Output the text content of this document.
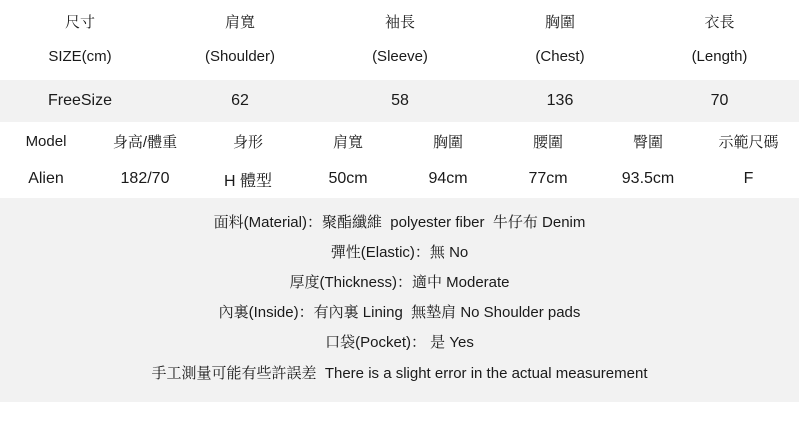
尺寸	肩寬	袖長	胸圍	衣長
SIZE(cm)	(Shoulder)	(Sleeve)	(Chest)	(Length)
FreeSize	62	58	136	70
Model	身高/體重	身形	肩寬	胸圍	腰圍	臀圍	示範尺碼
Alien	182/70	H 體型	50cm	94cm	77cm	93.5cm	F
面料(Material)：聚酯纖維  polyester fiber  牛仔布 Denim
彈性(Elastic)：無 No
厚度(Thickness)：適中 Moderate
內裏(Inside)：有內裏 Lining  無墊肩 No Shoulder pads
口袋(Pocket)： 是 Yes
手工測量可能有些許誤差  There is a slight error in the actual measurement
